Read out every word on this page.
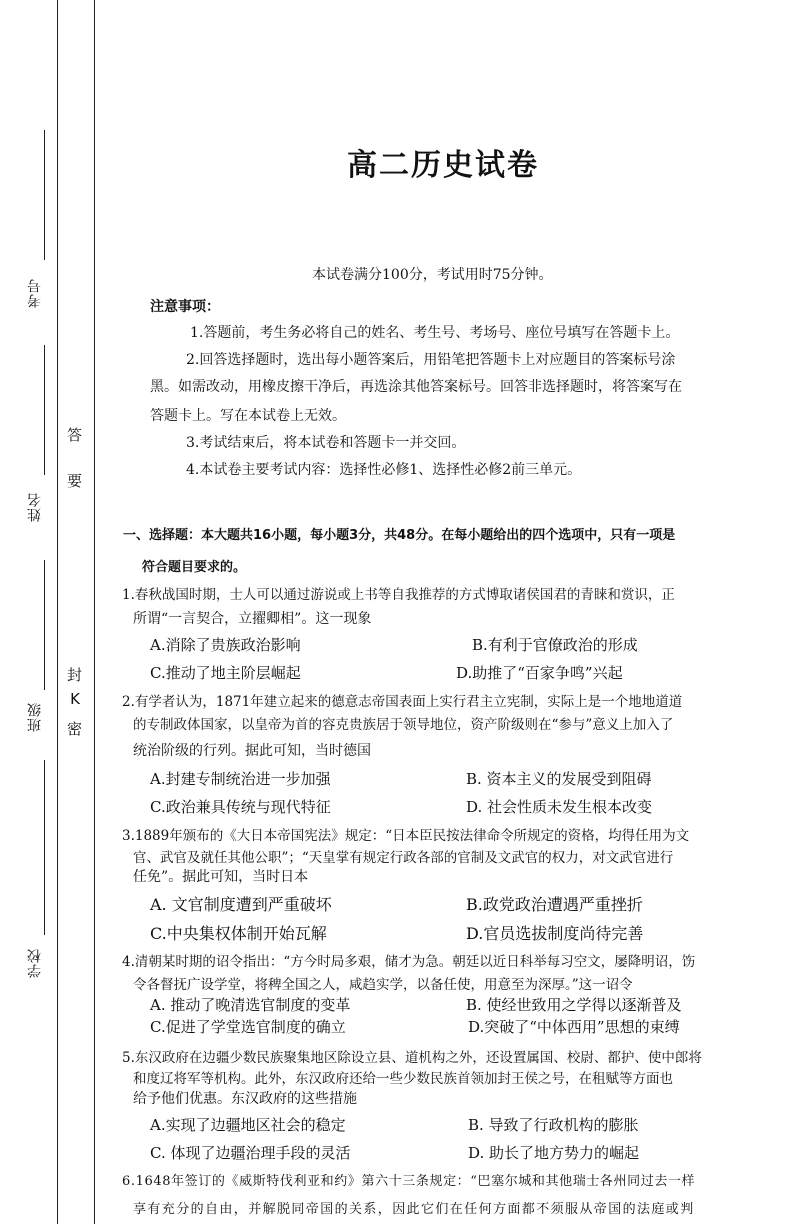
考号
姓名
班级
学校
答
要
封
K
密
高二历史试卷
本试卷满分100分，考试用时75分钟。
注意事项：
1.答题前，考生务必将自己的姓名、考生号、考场号、座位号填写在答题卡上。
2.回答选择题时，选出每小题答案后，用铅笔把答题卡上对应题目的答案标号涂
黑。如需改动，用橡皮擦干净后，再选涂其他答案标号。回答非选择题时，将答案写在
答题卡上。写在本试卷上无效。
3.考试结束后，将本试卷和答题卡一并交回。
4.本试卷主要考试内容：选择性必修1、选择性必修2前三单元。
一、选择题：本大题共16小题，每小题3分，共48分。在每小题给出的四个选项中，只有一项是
符合题目要求的。
1.春秋战国时期，士人可以通过游说或上书等自我推荐的方式博取诸侯国君的青睐和赏识，正
所谓“一言契合，立擢卿相”。这一现象
A.消除了贵族政治影响	B.有利于官僚政治的形成
C.推动了地主阶层崛起	D.助推了“百家争鸣”兴起
2.有学者认为，1871年建立起来的德意志帝国表面上实行君主立宪制，实际上是一个地地道道
的专制政体国家，以皇帝为首的容克贵族居于领导地位，资产阶级则在“参与”意义上加入了
统治阶级的行列。据此可知，当时德国
A.封建专制统治进一步加强	B. 资本主义的发展受到阻碍
C.政治兼具传统与现代特征	D. 社会性质未发生根本改变
3.1889年颁布的《大日本帝国宪法》规定：“日本臣民按法律命令所规定的资格，均得任用为文
官、武官及就任其他公职”；“天皇掌有规定行政各部的官制及文武官的权力，对文武官进行
任免”。据此可知，当时日本
A. 文官制度遭到严重破坏	B.政党政治遭遇严重挫折
C.中央集权体制开始瓦解	D.官员选拔制度尚待完善
4.清朝某时期的诏令指出：“方今时局多艰，储才为急。朝廷以近日科举每习空文，屡降明诏，饬
令各督抚广设学堂，将稗全国之人，咸趋实学，以备任使，用意至为深厚。”这一诏令
A. 推动了晚清选官制度的变革	B. 使经世致用之学得以逐渐普及
C.促进了学堂选官制度的确立	D.突破了“中体西用”思想的束缚
5.东汉政府在边疆少数民族聚集地区除设立县、道机构之外，还设置属国、校尉、都护、使中郎将
和度辽将军等机构。此外，东汉政府还给一些少数民族首领加封王侯之号，在租赋等方面也
给予他们优惠。东汉政府的这些措施
A.实现了边疆地区社会的稳定	B. 导致了行政机构的膨胀
C. 体现了边疆治理手段的灵活	D. 助长了地方势力的崛起
6.1648年签订的《威斯特伐利亚和约》第六十三条规定：“巴塞尔城和其他瑞士各州同过去一样
享有充分的自由，并解脱同帝国的关系，因此它们在任何方面都不须服从帝国的法庭或判
